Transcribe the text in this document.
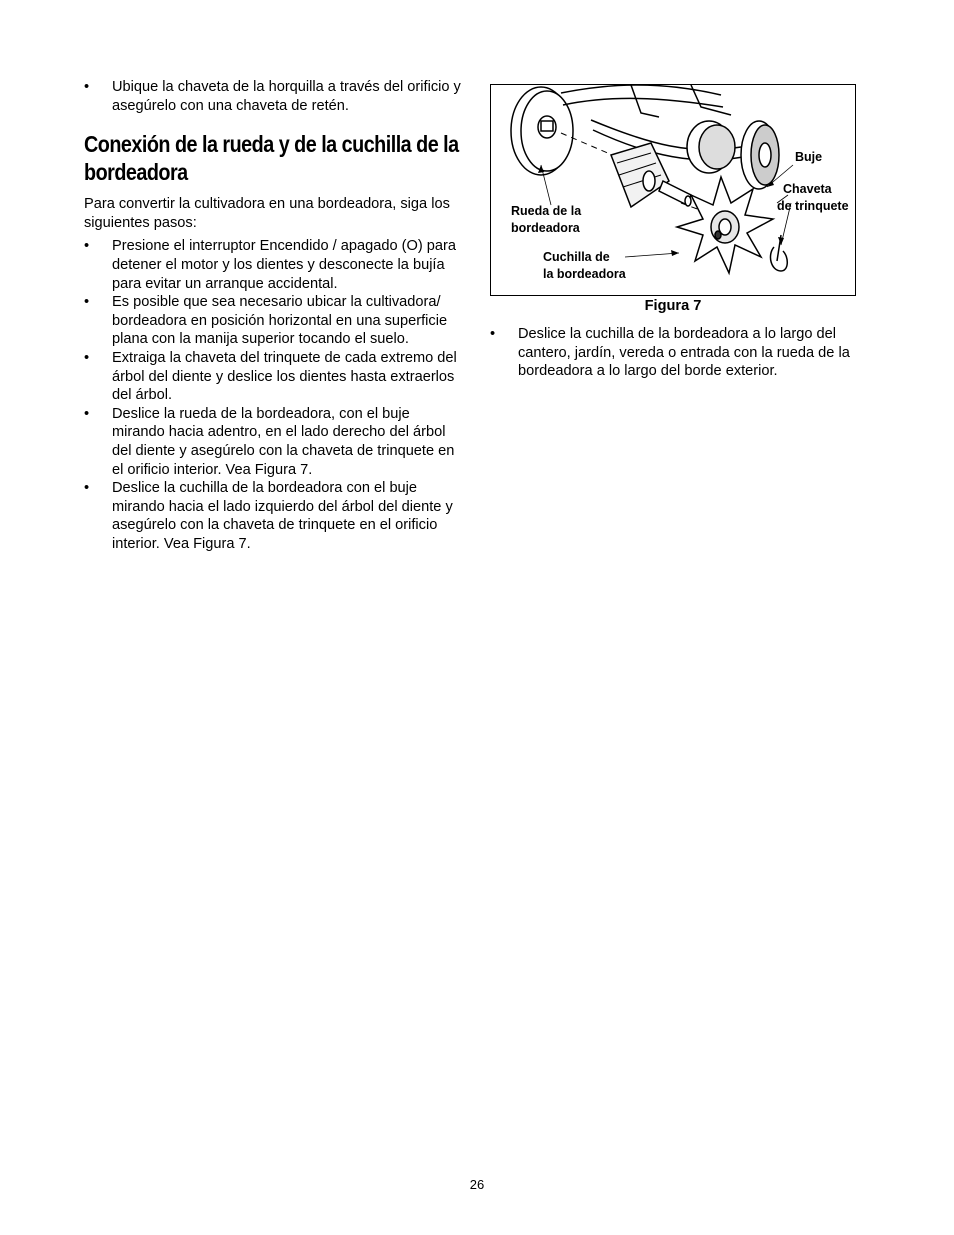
• Ubique la chaveta de la horquilla a través del orificio y asegúrelo con una chaveta de retén.
Conexión de la rueda y de la cuchilla de la bordeadora

Para convertir la cultivadora en una bordeadora, siga los siguientes pasos:

• Presione el interruptor Encendido / apagado (O) para detener el motor y los dientes y desconecte la bujía para evitar un arranque accidental.
• Es posible que sea necesario ubicar la cultivadora/ bordeadora en posición horizontal en una superficie plana con la manija superior tocando el suelo.
• Extraiga la chaveta del trinquete de cada extremo del árbol del diente y deslice los dientes hasta extraerlos del árbol.
• Deslice la rueda de la bordeadora, con el buje mirando hacia adentro, en el lado derecho del árbol del diente y asegúrelo con la chaveta de trinquete en el orificio interior. Vea Figura 7.
• Deslice la cuchilla de la bordeadora con el buje mirando hacia el lado izquierdo del árbol del diente y asegúrelo con la chaveta de trinquete en el orificio interior. Vea Figura 7.
Buje
Chaveta
de trinquete
Rueda de la
bordeadora
Cuchilla de
la bordeadora
Figura 7
• Deslice la cuchilla de la bordeadora a lo largo del cantero, jardín, vereda o entrada con la rueda de la bordeadora a lo largo del borde exterior.
26
